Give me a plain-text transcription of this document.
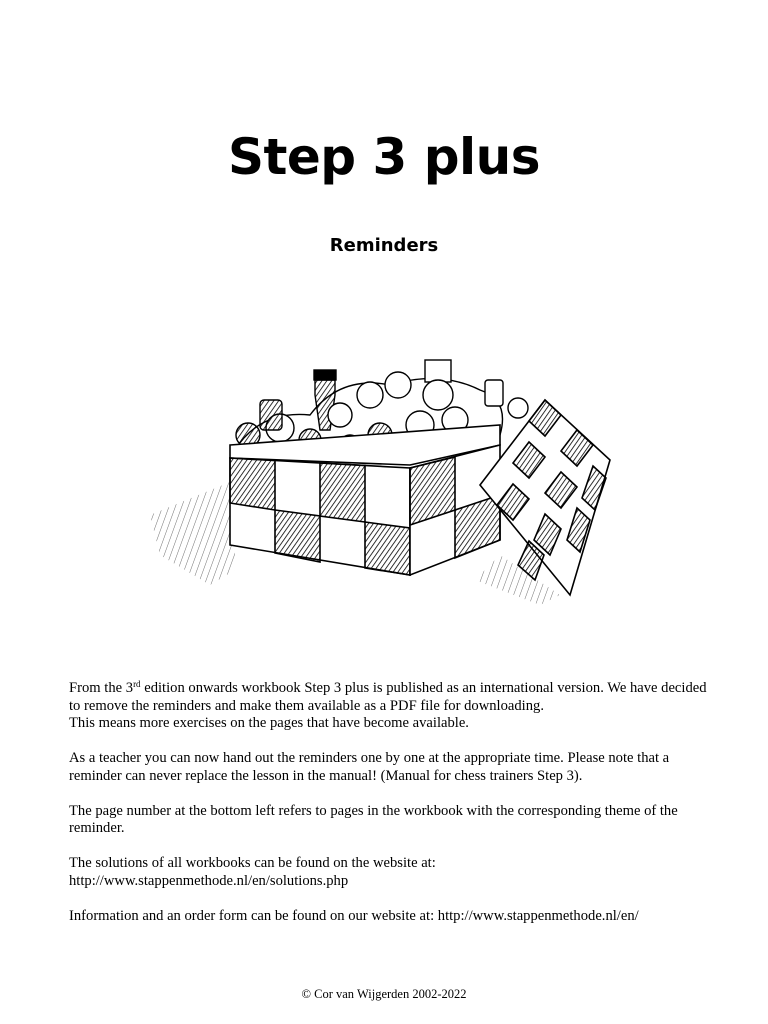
Step 3 plus
Reminders

From the 3rd edition onwards workbook Step 3 plus is published as an international version. We have decided to remove the reminders and make them available as a PDF file for downloading.
This means more exercises on the pages that have become available.

As a teacher you can now hand out the reminders one by one at the appropriate time. Please note that a reminder can never replace the lesson in the manual! (Manual for chess trainers Step 3).

The page number at the bottom left refers to pages in the workbook with the corresponding theme of the reminder.

The solutions of all workbooks can be found on the website at:
http://www.stappenmethode.nl/en/solutions.php

Information and an order form can be found on our website at: http://www.stappenmethode.nl/en/

© Cor van Wijgerden 2002-2022
